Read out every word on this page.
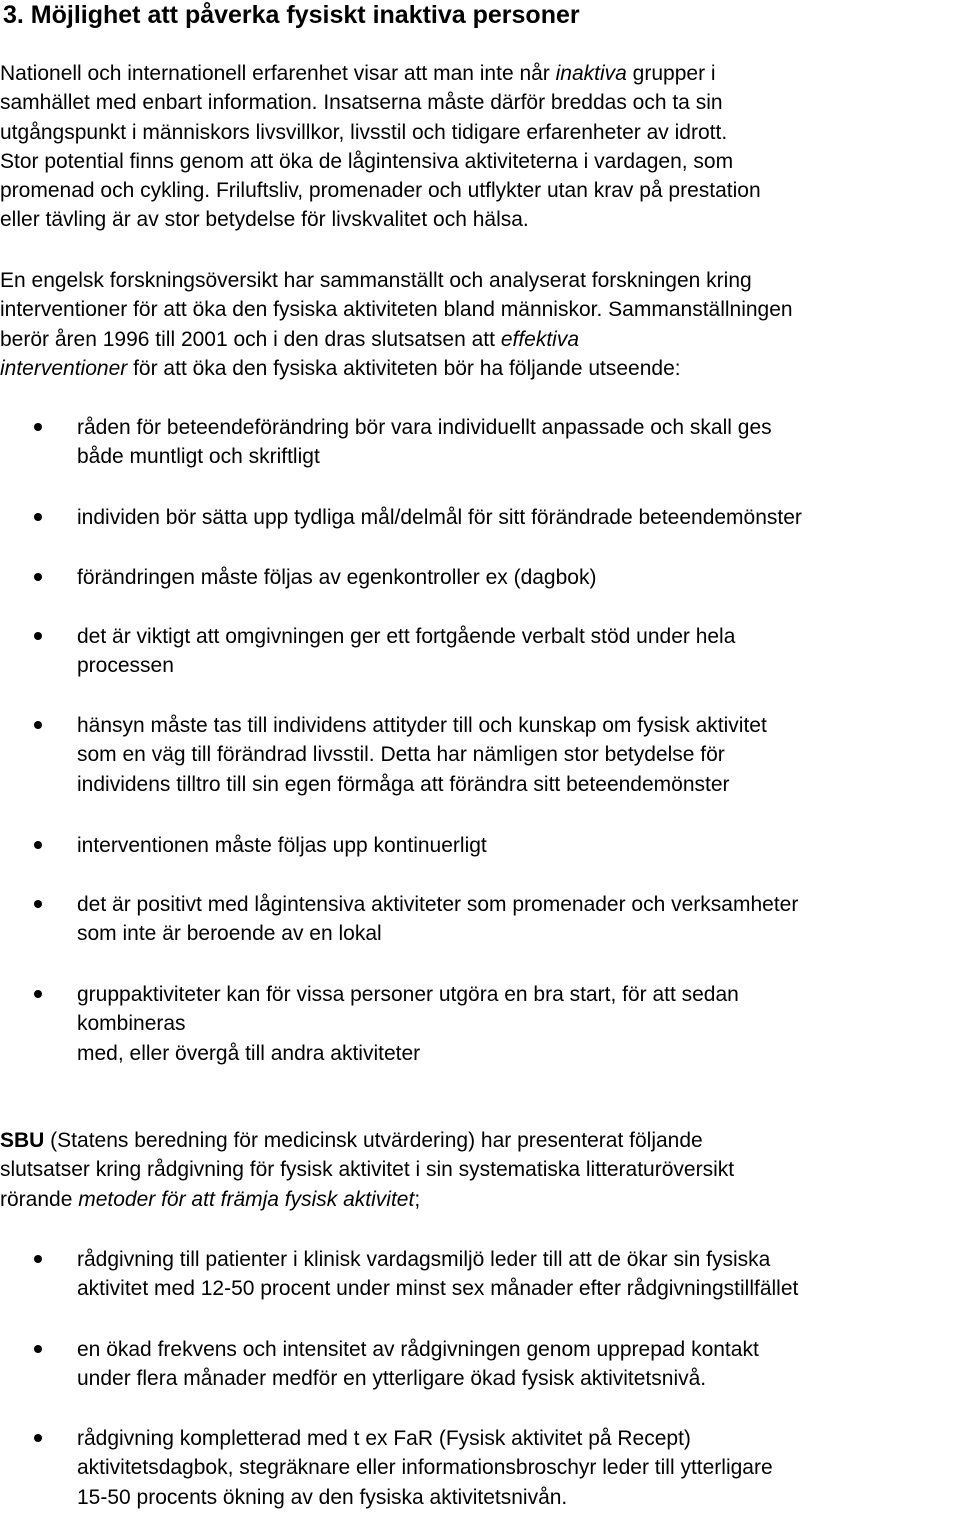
3. Möjlighet att påverka fysiskt inaktiva personer
Nationell och internationell erfarenhet visar att man inte når inaktiva grupper i
samhället med enbart information. Insatserna måste därför breddas och ta sin
utgångspunkt i människors livsvillkor, livsstil och tidigare erfarenheter av idrott.
Stor potential finns genom att öka de lågintensiva aktiviteterna i vardagen, som
promenad och cykling. Friluftsliv, promenader och utflykter utan krav på prestation
eller tävling är av stor betydelse för livskvalitet och hälsa.
En engelsk forskningsöversikt har sammanställt och analyserat forskningen kring
interventioner för att öka den fysiska aktiviteten bland människor. Sammanställningen
berör åren 1996 till 2001 och i den dras slutsatsen att effektiva
interventioner för att öka den fysiska aktiviteten bör ha följande utseende:
råden för beteendeförändring bör vara individuellt anpassade och skall ges
både muntligt och skriftligt
individen bör sätta upp tydliga mål/delmål för sitt förändrade beteendemönster
förändringen måste följas av egenkontroller ex (dagbok)
det är viktigt att omgivningen ger ett fortgående verbalt stöd under hela
processen
hänsyn måste tas till individens attityder till och kunskap om fysisk aktivitet
som en väg till förändrad livsstil. Detta har nämligen stor betydelse för
individens tilltro till sin egen förmåga att förändra sitt beteendemönster
interventionen måste följas upp kontinuerligt
det är positivt med lågintensiva aktiviteter som promenader och verksamheter
som inte är beroende av en lokal
gruppaktiviteter kan för vissa personer utgöra en bra start, för att sedan
kombineras
med, eller övergå till andra aktiviteter
SBU (Statens beredning för medicinsk utvärdering) har presenterat följande
slutsatser kring rådgivning för fysisk aktivitet i sin systematiska litteraturöversikt
rörande metoder för att främja fysisk aktivitet;
rådgivning till patienter i klinisk vardagsmiljö leder till att de ökar sin fysiska
aktivitet med 12-50 procent under minst sex månader efter rådgivningstillfället
en ökad frekvens och intensitet av rådgivningen genom upprepad kontakt
under flera månader medför en ytterligare ökad fysisk aktivitetsnivå.
rådgivning kompletterad med t ex FaR (Fysisk aktivitet på Recept)
aktivitetsdagbok, stegräknare eller informationsbroschyr leder till ytterligare
15-50 procents ökning av den fysiska aktivitetsnivån.
